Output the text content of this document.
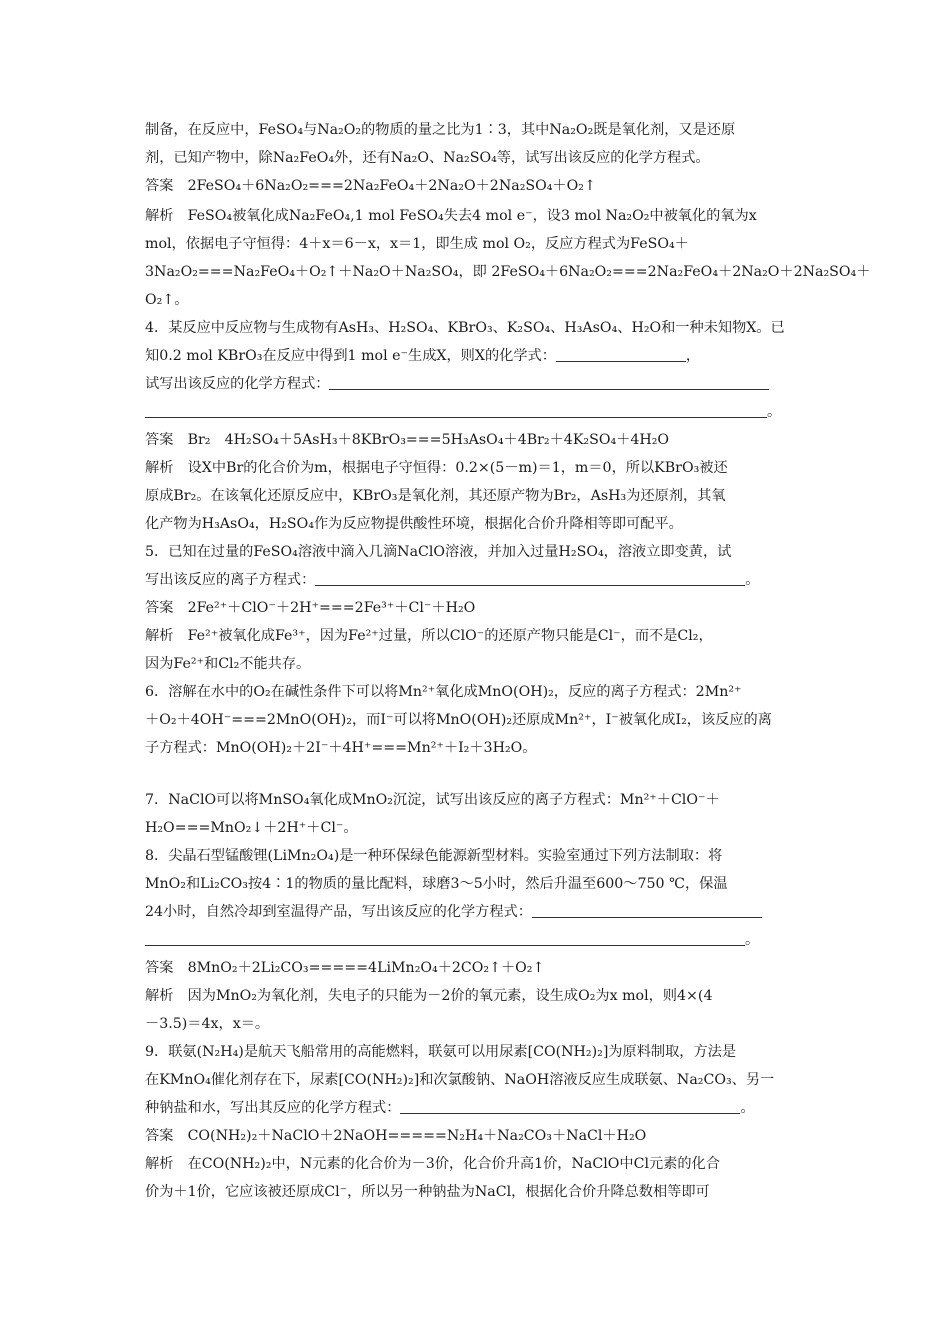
制备，在反应中，FeSO₄与Na₂O₂的物质的量之比为1∶3，其中Na₂O₂既是氧化剂，又是还原
剂，已知产物中，除Na₂FeO₄外，还有Na₂O、Na₂SO₄等，试写出该反应的化学方程式。
答案　2FeSO₄＋6Na₂O₂===2Na₂FeO₄＋2Na₂O＋2Na₂SO₄＋O₂↑
解析　FeSO₄被氧化成Na₂FeO₄,1 mol FeSO₄失去4 mol e⁻，设3 mol Na₂O₂中被氧化的氧为x
mol，依据电子守恒得：4＋x＝6－x，x＝1，即生成 mol O₂，反应方程式为FeSO₄＋
3Na₂O₂===Na₂FeO₄＋O₂↑＋Na₂O＋Na₂SO₄，即 2FeSO₄＋6Na₂O₂===2Na₂FeO₄＋2Na₂O＋2Na₂SO₄＋
O₂↑。
4．某反应中反应物与生成物有AsH₃、H₂SO₄、KBrO₃、K₂SO₄、H₃AsO₄、H₂O和一种未知物X。已
知0.2 mol KBrO₃在反应中得到1 mol e⁻生成X，则X的化学式：	，
试写出该反应的化学方程式：
。
答案　Br₂　4H₂SO₄＋5AsH₃＋8KBrO₃===5H₃AsO₄＋4Br₂＋4K₂SO₄＋4H₂O
解析　设X中Br的化合价为m，根据电子守恒得：0.2×(5－m)＝1，m＝0，所以KBrO₃被还
原成Br₂。在该氧化还原反应中，KBrO₃是氧化剂，其还原产物为Br₂，AsH₃为还原剂，其氧
化产物为H₃AsO₄，H₂SO₄作为反应物提供酸性环境，根据化合价升降相等即可配平。
5．已知在过量的FeSO₄溶液中滴入几滴NaClO溶液，并加入过量H₂SO₄，溶液立即变黄，试
写出该反应的离子方程式：	。
答案　2Fe²⁺＋ClO⁻＋2H⁺===2Fe³⁺＋Cl⁻＋H₂O
解析　Fe²⁺被氧化成Fe³⁺，因为Fe²⁺过量，所以ClO⁻的还原产物只能是Cl⁻，而不是Cl₂，
因为Fe²⁺和Cl₂不能共存。
6．溶解在水中的O₂在碱性条件下可以将Mn²⁺氧化成MnO(OH)₂，反应的离子方程式：2Mn²⁺
＋O₂＋4OH⁻===2MnO(OH)₂，而I⁻可以将MnO(OH)₂还原成Mn²⁺，I⁻被氧化成I₂，该反应的离
子方程式：MnO(OH)₂＋2I⁻＋4H⁺===Mn²⁺＋I₂＋3H₂O。
7．NaClO可以将MnSO₄氧化成MnO₂沉淀，试写出该反应的离子方程式：Mn²⁺＋ClO⁻＋
H₂O===MnO₂↓＋2H⁺＋Cl⁻。
8．尖晶石型锰酸锂(LiMn₂O₄)是一种环保绿色能源新型材料。实验室通过下列方法制取：将
MnO₂和Li₂CO₃按4∶1的物质的量比配料，球磨3～5小时，然后升温至600～750 ℃，保温
24小时，自然冷却到室温得产品，写出该反应的化学方程式：
。
答案　8MnO₂＋2Li₂CO₃=====4LiMn₂O₄＋2CO₂↑＋O₂↑
解析　因为MnO₂为氧化剂，失电子的只能为－2价的氧元素，设生成O₂为x mol，则4×(4
－3.5)＝4x，x＝。
9．联氨(N₂H₄)是航天飞船常用的高能燃料，联氨可以用尿素[CO(NH₂)₂]为原料制取，方法是
在KMnO₄催化剂存在下，尿素[CO(NH₂)₂]和次氯酸钠、NaOH溶液反应生成联氨、Na₂CO₃、另一
种钠盐和水，写出其反应的化学方程式：	。
答案　CO(NH₂)₂＋NaClO＋2NaOH=====N₂H₄＋Na₂CO₃＋NaCl＋H₂O
解析　在CO(NH₂)₂中，N元素的化合价为－3价，化合价升高1价，NaClO中Cl元素的化合
价为＋1价，它应该被还原成Cl⁻，所以另一种钠盐为NaCl，根据化合价升降总数相等即可
